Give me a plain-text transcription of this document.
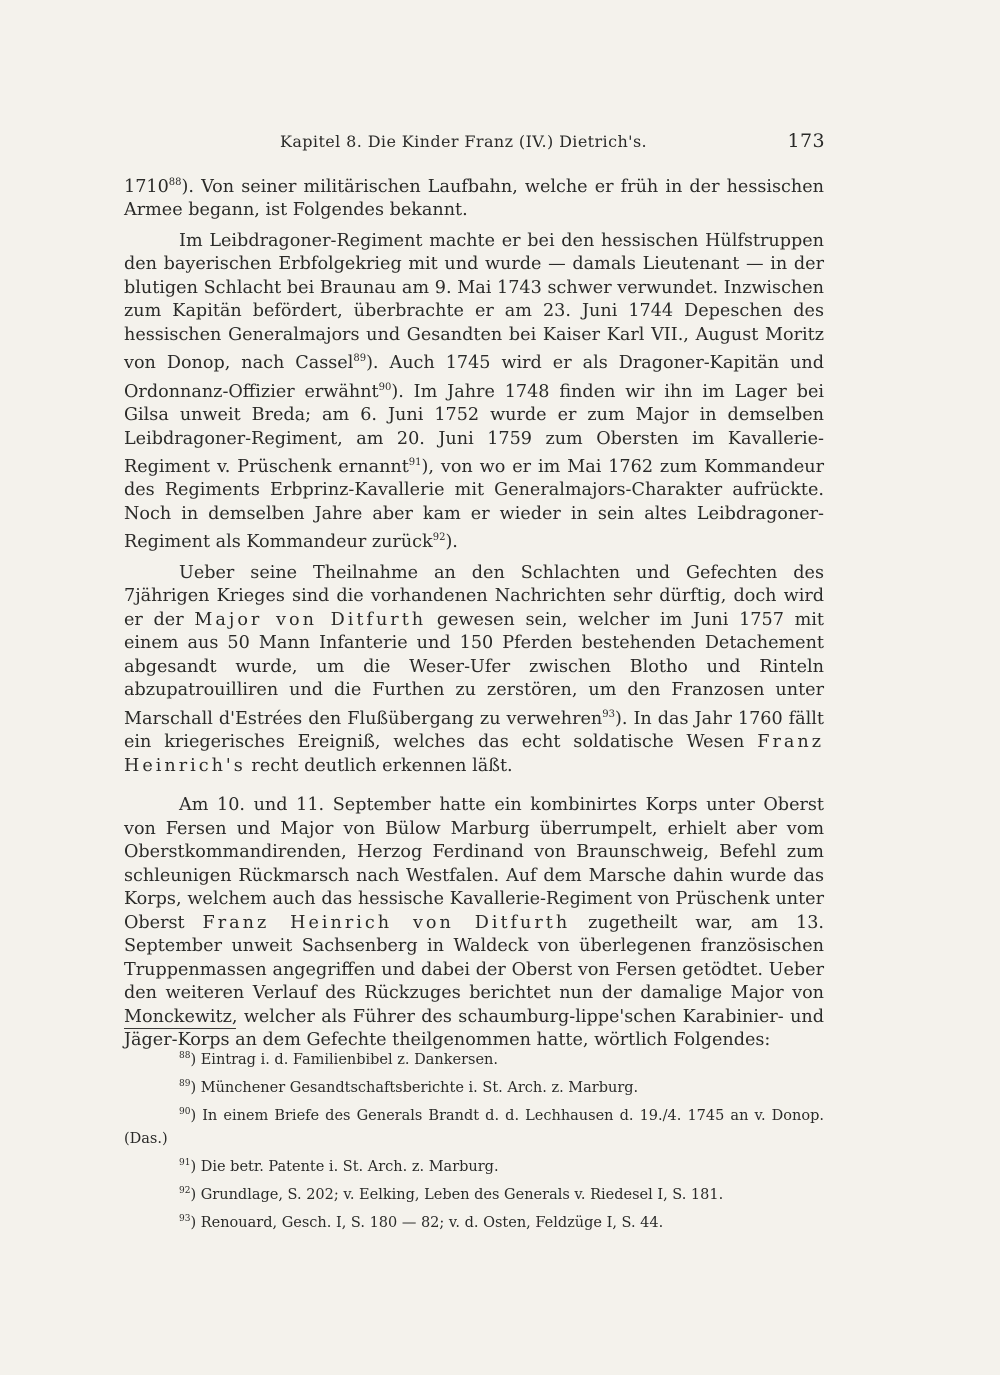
Kapitel 8. Die Kinder Franz (IV.) Dietrich's.	173

1710$^{88}$). Von seiner militärischen Laufbahn, welche er früh in der hessischen Armee begann, ist Folgendes bekannt.

Im Leibdragoner-Regiment machte er bei den hessischen Hülfstruppen den bayerischen Erbfolgekrieg mit und wurde — damals Lieutenant — in der blutigen Schlacht bei Braunau am 9. Mai 1743 schwer verwundet. Inzwischen zum Kapitän befördert, überbrachte er am 23. Juni 1744 Depeschen des hessischen Generalmajors und Gesandten bei Kaiser Karl VII., August Moritz von Donop, nach Cassel$^{89}$). Auch 1745 wird er als Dragoner-Kapitän und Ordonnanz-Offizier erwähnt$^{90}$). Im Jahre 1748 finden wir ihn im Lager bei Gilsa unweit Breda; am 6. Juni 1752 wurde er zum Major in demselben Leibdragoner-Regiment, am 20. Juni 1759 zum Obersten im Kavallerie-Regiment v. Prüschenk ernannt$^{91}$), von wo er im Mai 1762 zum Kommandeur des Regiments Erbprinz-Kavallerie mit Generalmajors-Charakter aufrückte. Noch in demselben Jahre aber kam er wieder in sein altes Leibdragoner-Regiment als Kommandeur zurück$^{92}$).

Ueber seine Theilnahme an den Schlachten und Gefechten des 7jährigen Krieges sind die vorhandenen Nachrichten sehr dürftig, doch wird er der Major von Ditfurth gewesen sein, welcher im Juni 1757 mit einem aus 50 Mann Infanterie und 150 Pferden bestehenden Detachement abgesandt wurde, um die Weser-Ufer zwischen Blotho und Rinteln abzupatrouilliren und die Furthen zu zerstören, um den Franzosen unter Marschall d'Estrées den Flußübergang zu verwehren$^{93}$). In das Jahr 1760 fällt ein kriegerisches Ereigniß, welches das echt soldatische Wesen Franz Heinrich's recht deutlich erkennen läßt.

Am 10. und 11. September hatte ein kombinirtes Korps unter Oberst von Fersen und Major von Bülow Marburg überrumpelt, erhielt aber vom Oberstkommandirenden, Herzog Ferdinand von Braunschweig, Befehl zum schleunigen Rückmarsch nach Westfalen. Auf dem Marsche dahin wurde das Korps, welchem auch das hessische Kavallerie-Regiment von Prüschenk unter Oberst Franz Heinrich von Ditfurth zugetheilt war, am 13. September unweit Sachsenberg in Waldeck von überlegenen französischen Truppenmassen angegriffen und dabei der Oberst von Fersen getödtet. Ueber den weiteren Verlauf des Rückzuges berichtet nun der damalige Major von Monckewitz, welcher als Führer des schaumburg-lippe'schen Karabinier- und Jäger-Korps an dem Gefechte theilgenommen hatte, wörtlich Folgendes:

$^{88}$) Eintrag i. d. Familienbibel z. Dankersen.
$^{89}$) Münchener Gesandtschaftsberichte i. St. Arch. z. Marburg.
$^{90}$) In einem Briefe des Generals Brandt d. d. Lechhausen d. 19./4. 1745 an v. Donop. (Das.)
$^{91}$) Die betr. Patente i. St. Arch. z. Marburg.
$^{92}$) Grundlage, S. 202; v. Eelking, Leben des Generals v. Riedesel I, S. 181.
$^{93}$) Renouard, Gesch. I, S. 180 — 82; v. d. Osten, Feldzüge I, S. 44.
